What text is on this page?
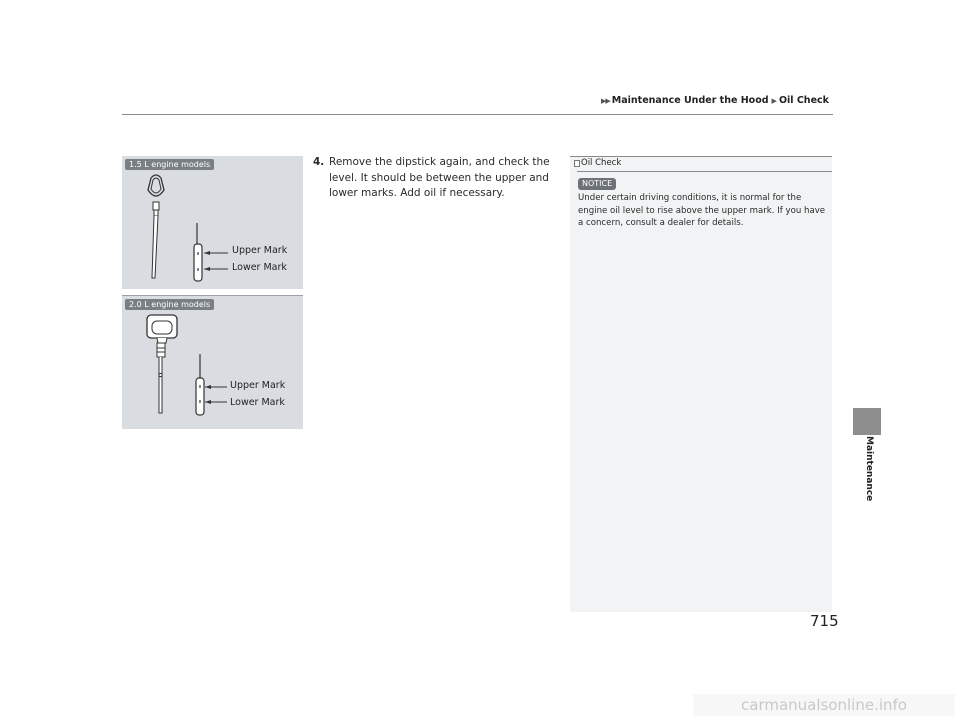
▶▶ Maintenance Under the Hood ▶ Oil Check
Maintenance
1.5 L engine models
Upper Mark
Lower Mark
2.0 L engine models
Upper Mark
Lower Mark
4. Remove the dipstick again, and check the level. It should be between the upper and lower marks. Add oil if necessary.
Oil Check
NOTICE
Under certain driving conditions, it is normal for the engine oil level to rise above the upper mark. If you have a concern, consult a dealer for details.
715
carmanualsonline.info
